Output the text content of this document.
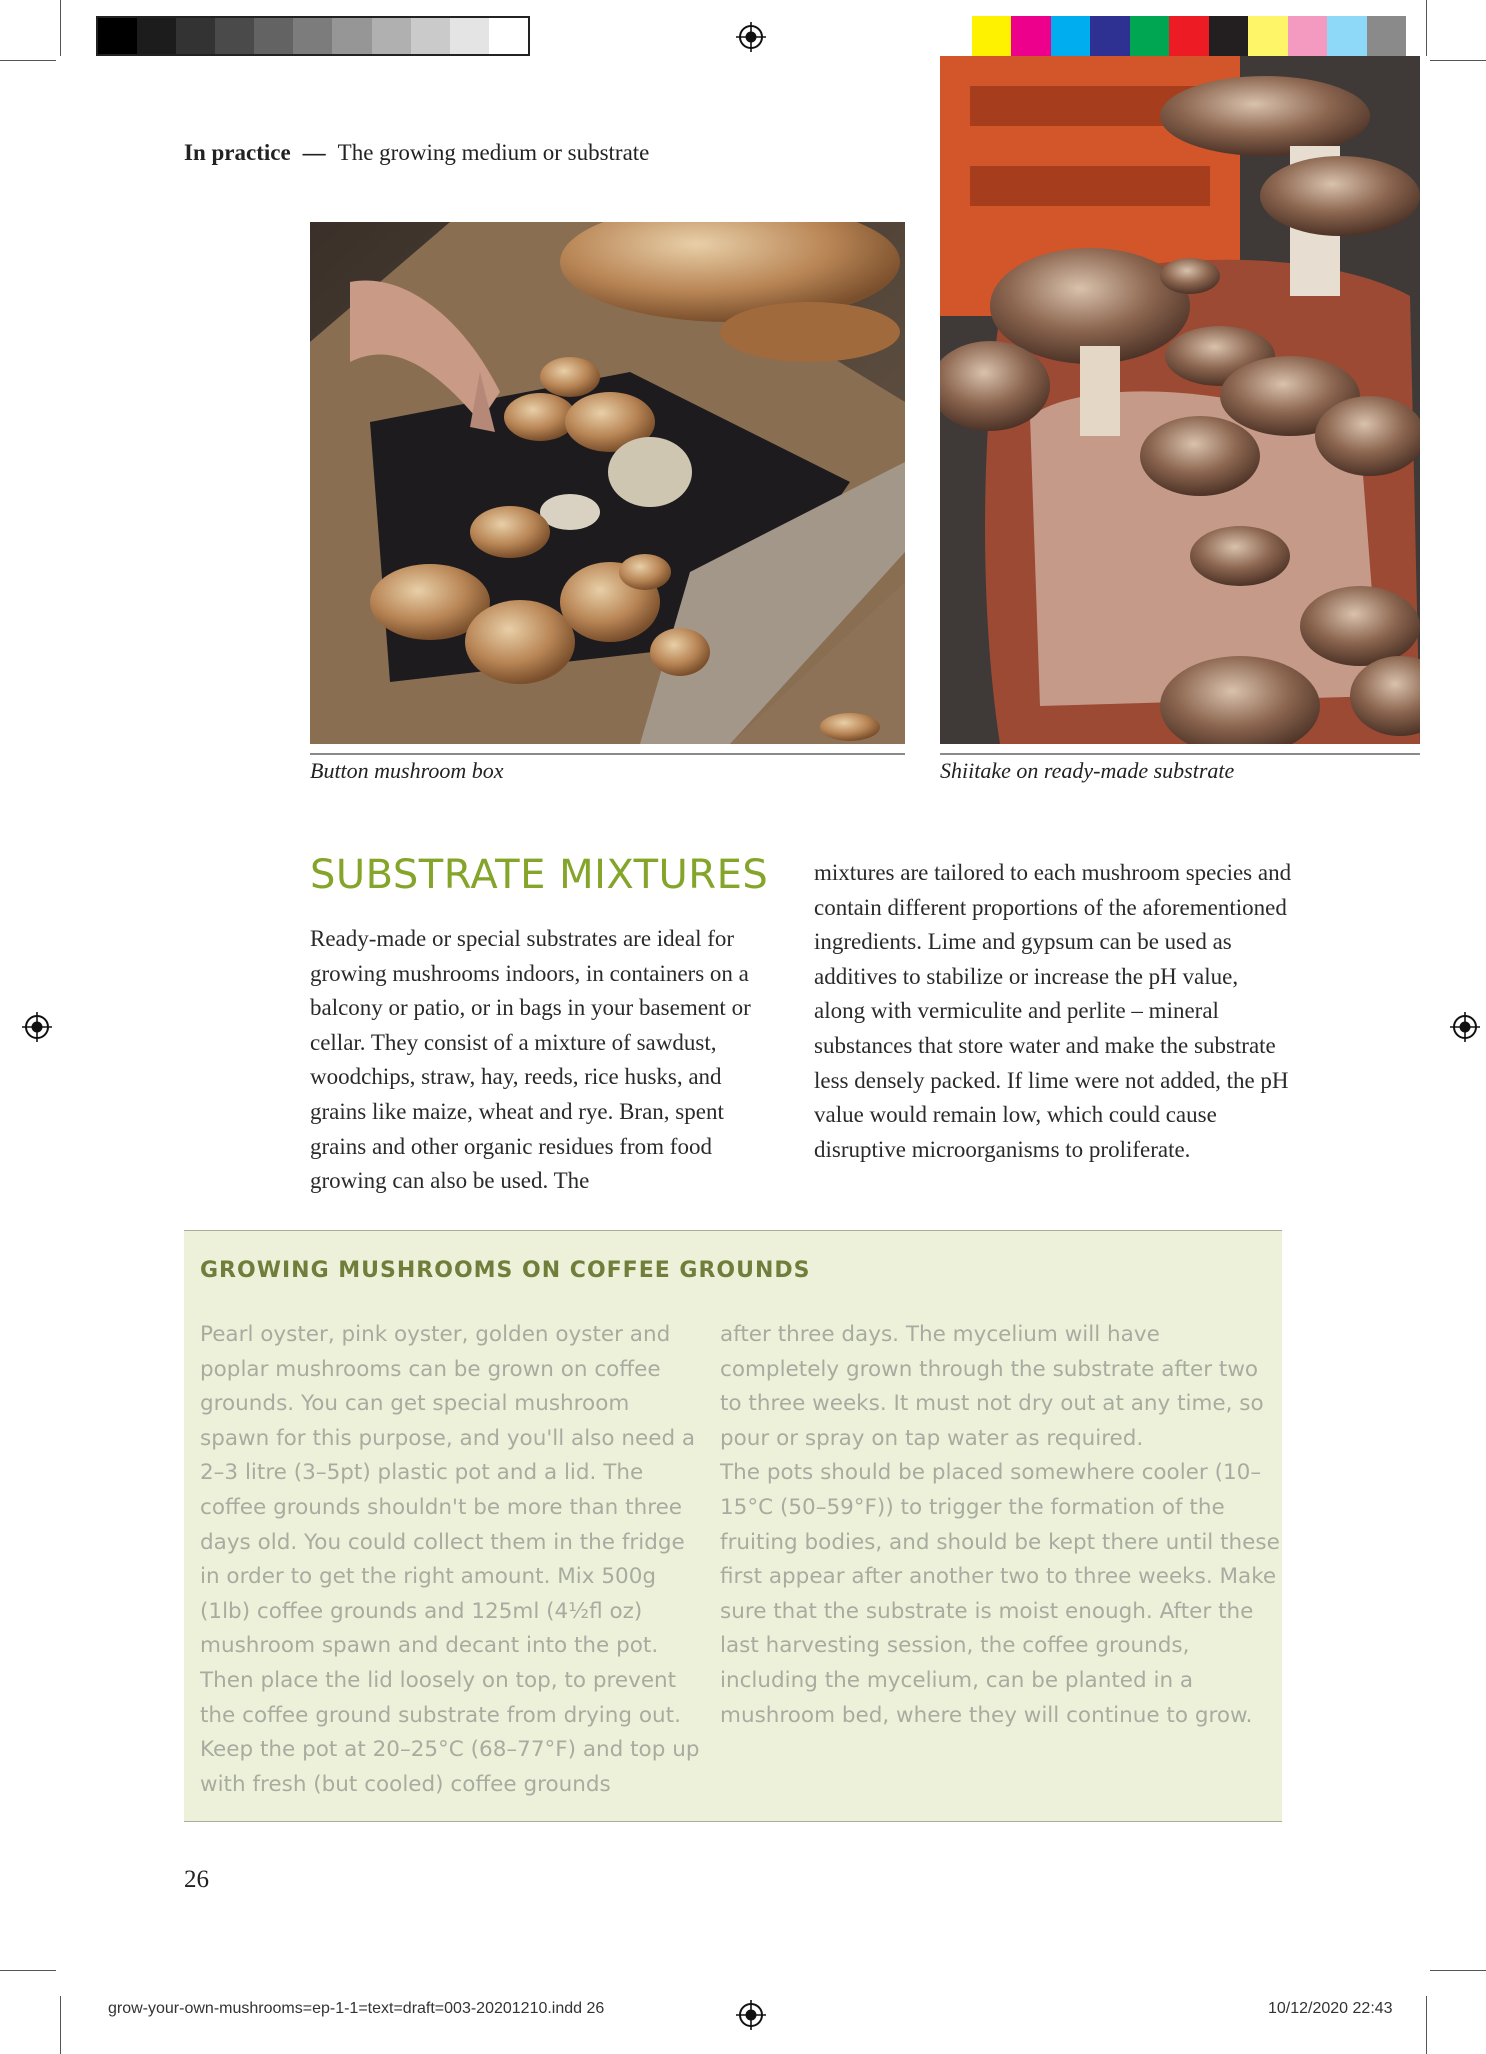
In practice — The growing medium or substrate
Button mushroom box	Shiitake on ready-made substrate
SUBSTRATE MIXTURES
Ready-made or special substrates are ideal for growing mushrooms indoors, in containers on a balcony or patio, or in bags in your basement or cellar. They consist of a mixture of sawdust, woodchips, straw, hay, reeds, rice husks, and grains like maize, wheat and rye. Bran, spent grains and other organic residues from food growing can also be used. The
mixtures are tailored to each mushroom species and contain different proportions of the aforementioned ingredients. Lime and gypsum can be used as additives to stabilize or increase the pH value, along with vermiculite and perlite – mineral substances that store water and make the substrate less densely packed. If lime were not added, the pH value would remain low, which could cause disruptive microorganisms to proliferate.
GROWING MUSHROOMS ON COFFEE GROUNDS
Pearl oyster, pink oyster, golden oyster and poplar mushrooms can be grown on coffee grounds. You can get special mushroom spawn for this purpose, and you'll also need a 2–3 litre (3–5pt) plastic pot and a lid. The coffee grounds shouldn't be more than three days old. You could collect them in the fridge in order to get the right amount. Mix 500g (1lb) coffee grounds and 125ml (4½fl oz) mushroom spawn and decant into the pot. Then place the lid loosely on top, to prevent the coffee ground substrate from drying out. Keep the pot at 20–25°C (68–77°F) and top up with fresh (but cooled) coffee grounds
after three days. The mycelium will have completely grown through the substrate after two to three weeks. It must not dry out at any time, so pour or spray on tap water as required.
The pots should be placed somewhere cooler (10–15°C (50–59°F)) to trigger the formation of the fruiting bodies, and should be kept there until these first appear after another two to three weeks. Make sure that the substrate is moist enough. After the last harvesting session, the coffee grounds, including the mycelium, can be planted in a mushroom bed, where they will continue to grow.
26
grow-your-own-mushrooms=ep-1-1=text=draft=003-20201210.indd 26	10/12/2020 22:43
